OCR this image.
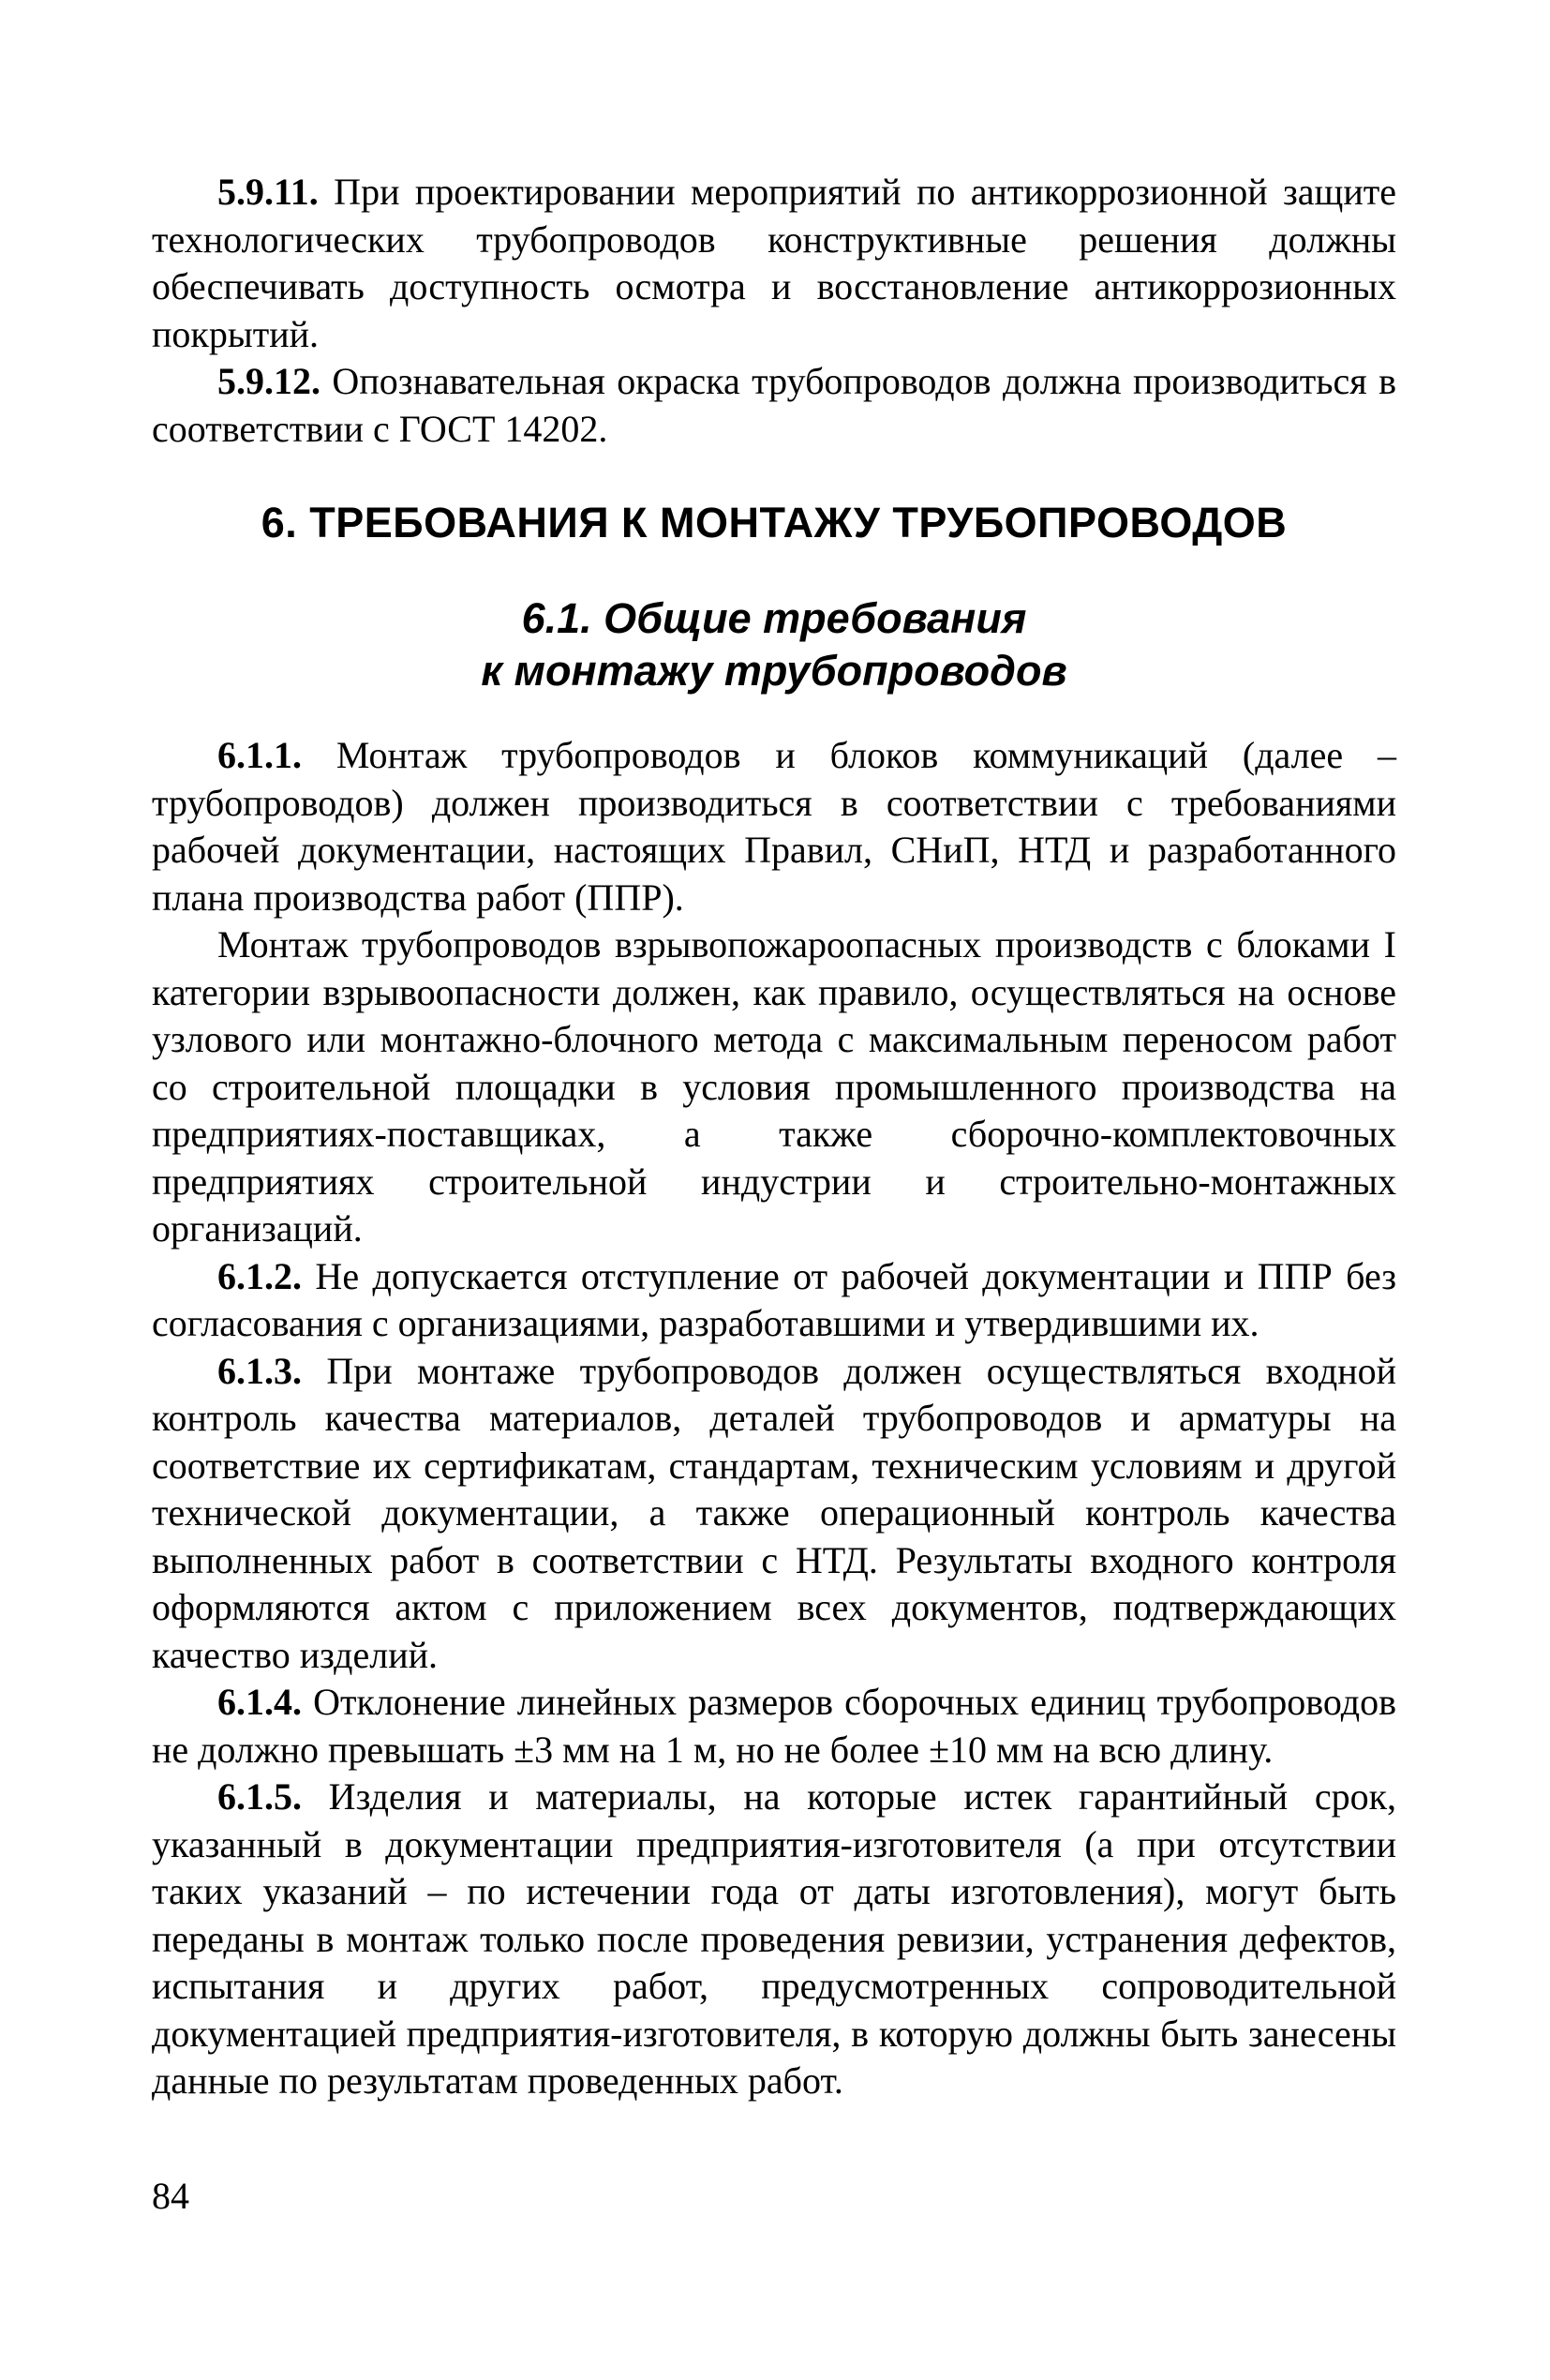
5.9.11. При проектировании мероприятий по антикоррозионной защите технологических трубопроводов конструктивные решения должны обеспечивать доступность осмотра и восстановление антикоррозионных покрытий.

5.9.12. Опознавательная окраска трубопроводов должна производиться в соответствии с ГОСТ 14202.

6. ТРЕБОВАНИЯ К МОНТАЖУ ТРУБОПРОВОДОВ
6.1. Общие требования
к монтажу трубопроводов

6.1.1. Монтаж трубопроводов и блоков коммуникаций (далее – трубопроводов) должен производиться в соответствии с требованиями рабочей документации, настоящих Правил, СНиП, НТД и разработанного плана производства работ (ППР).

Монтаж трубопроводов взрывопожароопасных производств с блоками I категории взрывоопасности должен, как правило, осуществляться на основе узлового или монтажно-блочного метода с максимальным переносом работ со строительной площадки в условия промышленного производства на предприятиях-поставщиках, а также сборочно-комплектовочных предприятиях строительной индустрии и строительно-монтажных организаций.

6.1.2. Не допускается отступление от рабочей документации и ППР без согласования с организациями, разработавшими и утвердившими их.

6.1.3. При монтаже трубопроводов должен осуществляться входной контроль качества материалов, деталей трубопроводов и арматуры на соответствие их сертификатам, стандартам, техническим условиям и другой технической документации, а также операционный контроль качества выполненных работ в соответствии с НТД. Результаты входного контроля оформляются актом с приложением всех документов, подтверждающих качество изделий.

6.1.4. Отклонение линейных размеров сборочных единиц трубопроводов не должно превышать ±3 мм на 1 м, но не более ±10 мм на всю длину.

6.1.5. Изделия и материалы, на которые истек гарантийный срок, указанный в документации предприятия-изготовителя (а при отсутствии таких указаний – по истечении года от даты изготовления), могут быть переданы в монтаж только после проведения ревизии, устранения дефектов, испытания и других работ, предусмотренных сопроводительной документацией предприятия-изготовителя, в которую должны быть занесены данные по результатам проведенных работ.

84
